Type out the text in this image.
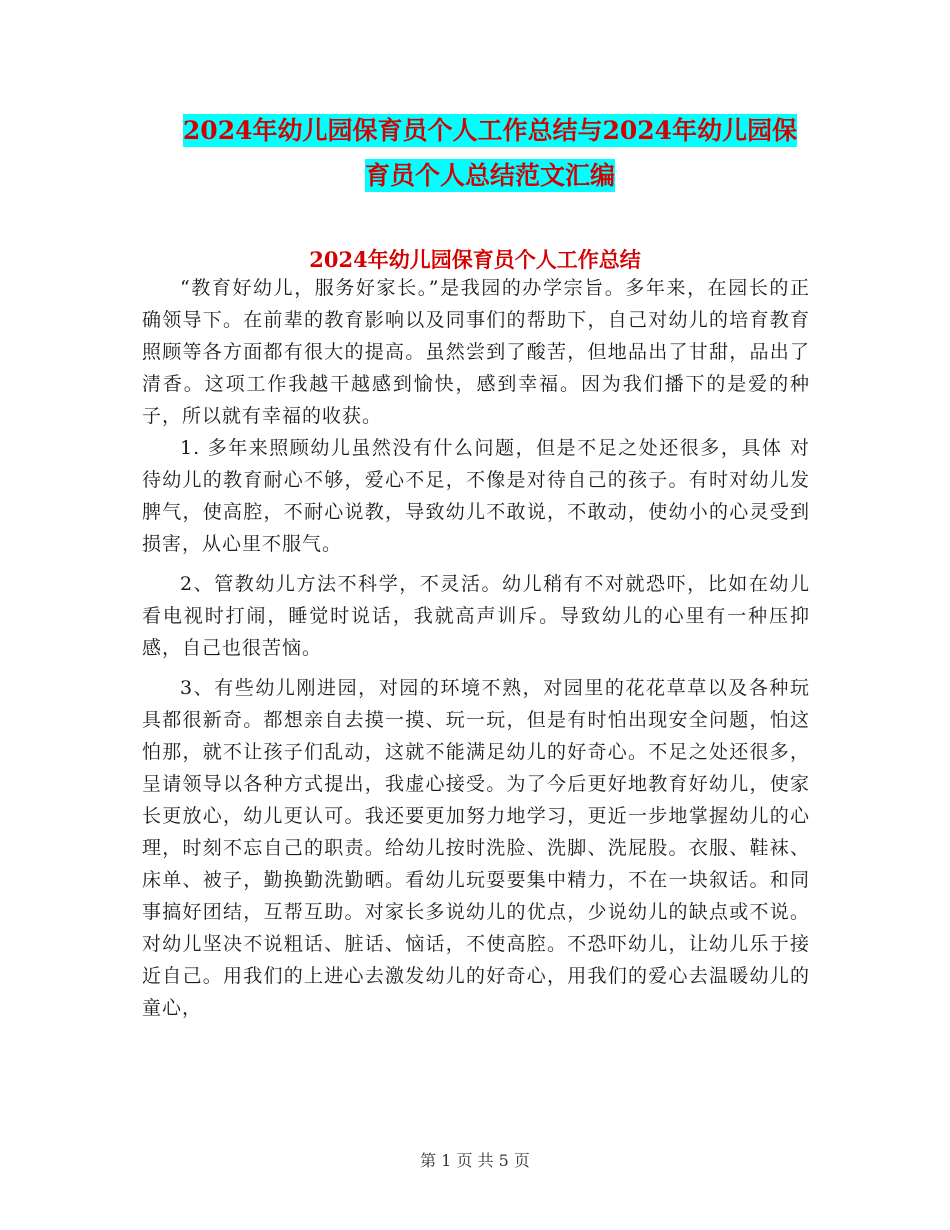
2024年幼儿园保育员个人工作总结与2024年幼儿园保
育员个人总结范文汇编
2024年幼儿园保育员个人工作总结

“教育好幼儿，服务好家长。”是我园的办学宗旨。多年来，在园长的正确领导下。在前辈的教育影响以及同事们的帮助下，自己对幼儿的培育教育照顾等各方面都有很大的提高。虽然尝到了酸苦，但地品出了甘甜，品出了清香。这项工作我越干越感到愉快，感到幸福。因为我们播下的是爱的种子，所以就有幸福的收获。

1. 多年来照顾幼儿虽然没有什么问题，但是不足之处还很多，具体 对待幼儿的教育耐心不够，爱心不足，不像是对待自己的孩子。有时对幼儿发脾气，使高腔，不耐心说教，导致幼儿不敢说，不敢动，使幼小的心灵受到损害，从心里不服气。

2、管教幼儿方法不科学，不灵活。幼儿稍有不对就恐吓，比如在幼儿看电视时打闹，睡觉时说话，我就高声训斥。导致幼儿的心里有一种压抑感，自己也很苦恼。

3、有些幼儿刚进园，对园的环境不熟，对园里的花花草草以及各种玩具都很新奇。都想亲自去摸一摸、玩一玩，但是有时怕出现安全问题，怕这怕那，就不让孩子们乱动，这就不能满足幼儿的好奇心。不足之处还很多，呈请领导以各种方式提出，我虚心接受。为了今后更好地教育好幼儿，使家长更放心，幼儿更认可。我还要更加努力地学习，更近一步地掌握幼儿的心理，时刻不忘自己的职责。给幼儿按时洗脸、洗脚、洗屁股。衣服、鞋袜、床单、被子，勤换勤洗勤晒。看幼儿玩耍要集中精力，不在一块叙话。和同事搞好团结，互帮互助。对家长多说幼儿的优点，少说幼儿的缺点或不说。对幼儿坚决不说粗话、脏话、恼话，不使高腔。不恐吓幼儿，让幼儿乐于接近自己。用我们的上进心去激发幼儿的好奇心，用我们的爱心去温暖幼儿的童心，

第 1 页 共 5 页
